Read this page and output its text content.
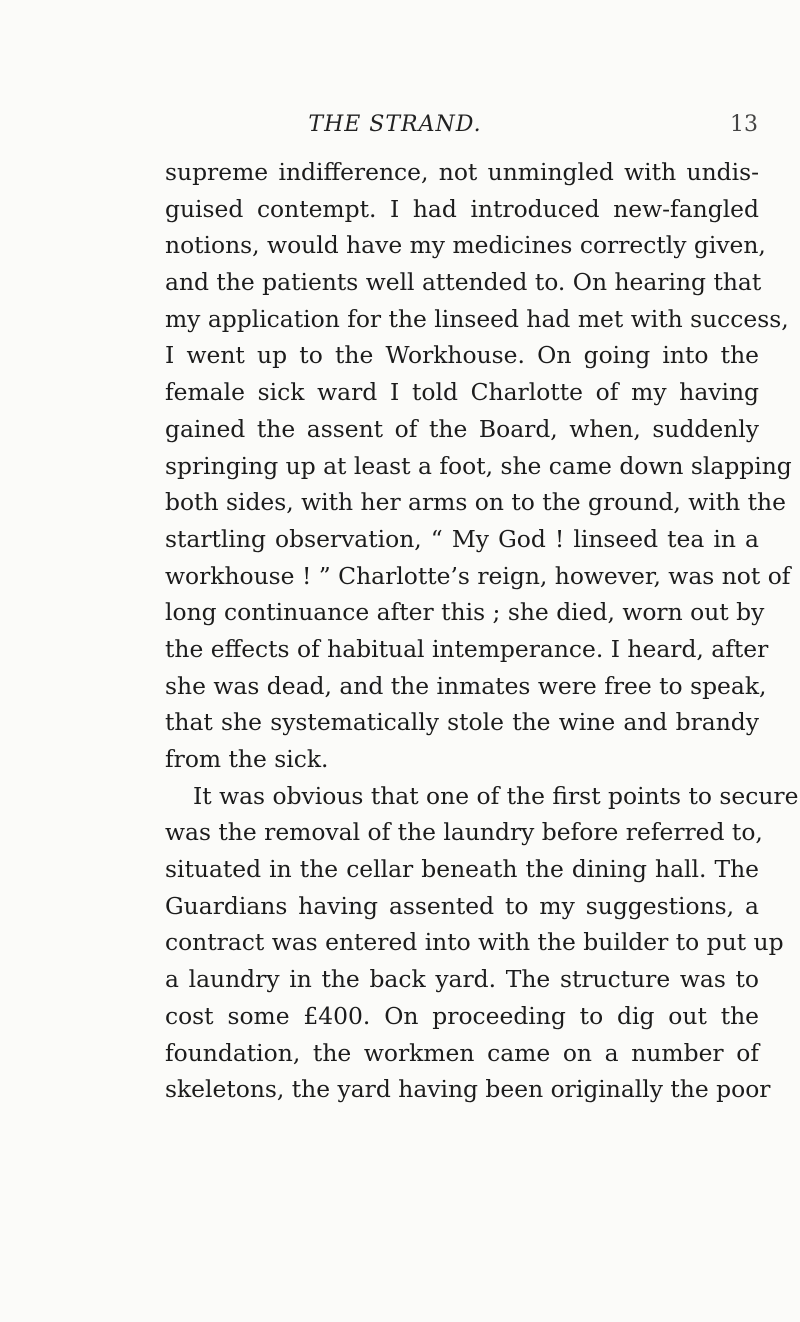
THE STRAND.	13
supreme indifference, not unmingled with undis-
guised contempt. I had introduced new-fangled
notions, would have my medicines correctly given,
and the patients well attended to. On hearing that
my application for the linseed had met with success,
I went up to the Workhouse. On going into the
female sick ward I told Charlotte of my having
gained the assent of the Board, when, suddenly
springing up at least a foot, she came down slapping
both sides, with her arms on to the ground, with the
startling observation, “ My God ! linseed tea in a
workhouse ! ” Charlotte’s reign, however, was not of
long continuance after this ; she died, worn out by
the effects of habitual intemperance. I heard, after
she was dead, and the inmates were free to speak,
that she systematically stole the wine and brandy
from the sick.
It was obvious that one of the first points to secure
was the removal of the laundry before referred to,
situated in the cellar beneath the dining hall. The
Guardians having assented to my suggestions, a
contract was entered into with the builder to put up
a laundry in the back yard. The structure was to
cost some £400. On proceeding to dig out the
foundation, the workmen came on a number of
skeletons, the yard having been originally the poor
